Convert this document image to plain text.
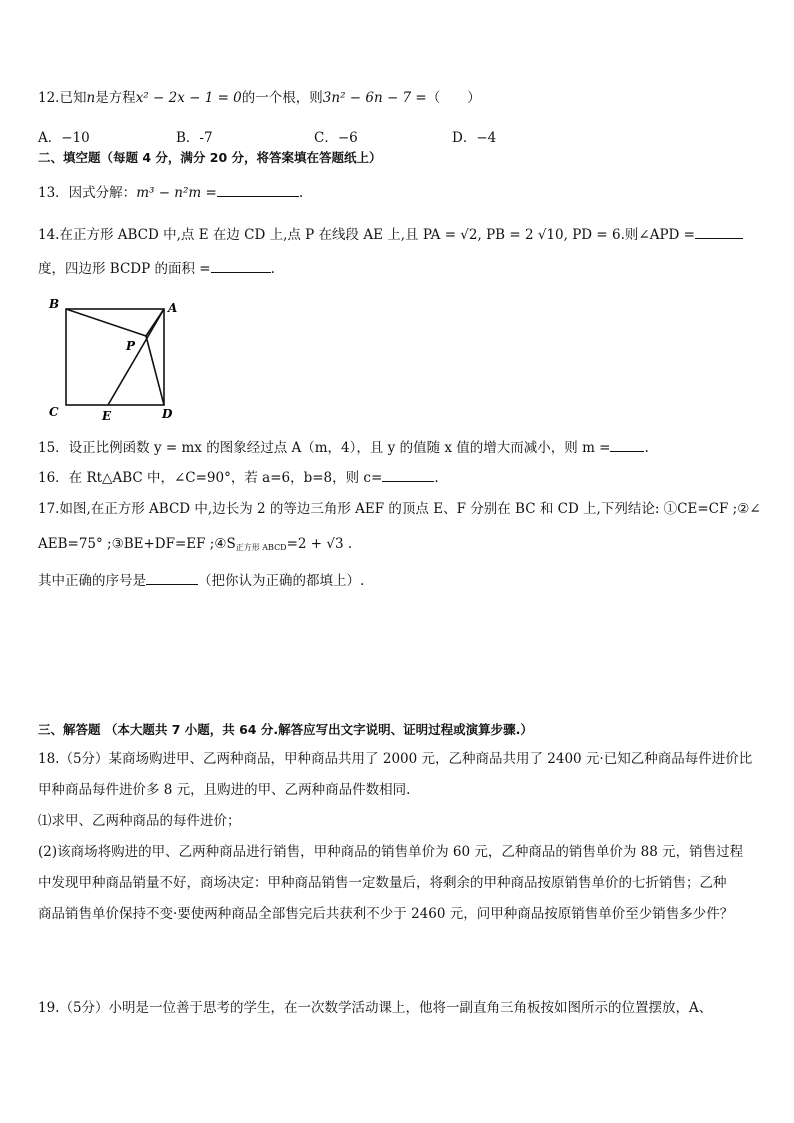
12.已知n是方程x² − 2x − 1 = 0的一个根，则3n² − 6n − 7 =（　　）
A．−10	B．-7	C．−6	D．−4
二、填空题（每题 4 分，满分 20 分，将答案填在答题纸上）
13．因式分解：m³ − n²m =	.
14.在正方形 ABCD 中,点 E 在边 CD 上,点 P 在线段 AE 上,且 PA = √2, PB = 2 √10, PD = 6.则∠APD =
度，四边形 BCDP 的面积 =	.
B	A
P
C	E	D
15．设正比例函数 y = mx 的图象经过点 A（m，4），且 y 的值随 x 值的增大而减小，则 m =	.
16．在 Rt△ABC 中，∠C=90°，若 a=6，b=8，则 c=	.
17.如图,在正方形 ABCD 中,边长为 2 的等边三角形 AEF 的顶点 E、F 分别在 BC 和 CD 上,下列结论: ①CE=CF ;②∠
AEB=75° ;③BE+DF=EF ;④S正方形 ABCD=2 + √3 .
其中正确的序号是	（把你认为正确的都填上）.
三、解答题 （本大题共 7 小题，共 64 分.解答应写出文字说明、证明过程或演算步骤.）
18.（5分）某商场购进甲、乙两种商品，甲种商品共用了 2000 元，乙种商品共用了 2400 元·已知乙种商品每件进价比
甲种商品每件进价多 8 元，且购进的甲、乙两种商品件数相同.
⑴求甲、乙两种商品的每件进价；
(2)该商场将购进的甲、乙两种商品进行销售，甲种商品的销售单价为 60 元，乙种商品的销售单价为 88 元，销售过程
中发现甲种商品销量不好，商场决定：甲种商品销售一定数量后，将剩余的甲种商品按原销售单价的七折销售；乙种
商品销售单价保持不变·要使两种商品全部售完后共获利不少于 2460 元，问甲种商品按原销售单价至少销售多少件？
19.（5分）小明是一位善于思考的学生，在一次数学活动课上，他将一副直角三角板按如图所示的位置摆放，A、
